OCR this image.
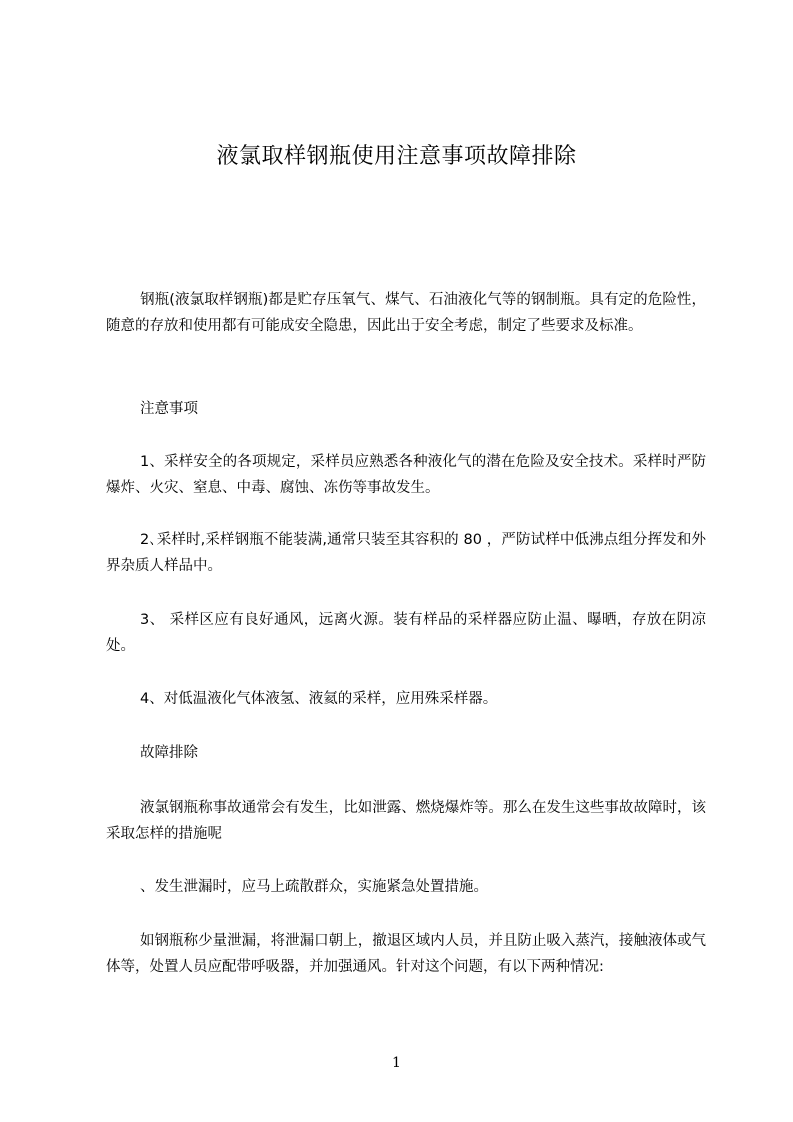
液氯取样钢瓶使用注意事项故障排除

钢瓶(液氯取样钢瓶)都是贮存压氧气、煤气、石油液化气等的钢制瓶。具有定的危险性，随意的存放和使用都有可能成安全隐患，因此出于安全考虑，制定了些要求及标准。

注意事项

1、采样安全的各项规定，采样员应熟悉各种液化气的潜在危险及安全技术。采样时严防爆炸、火灾、窒息、中毒、腐蚀、冻伤等事故发生。

2､采样时,采样钢瓶不能装满,通常只装至其容积的 80 ，严防试样中低沸点组分挥发和外界杂质人样品中。

3、 采样区应有良好通风，远离火源。装有样品的采样器应防止温、曝晒，存放在阴凉处。

4、对低温液化气体液氢、液氦的采样，应用殊采样器。

故障排除

液氯钢瓶称事故通常会有发生，比如泄露、燃烧爆炸等。那么在发生这些事故故障时，该采取怎样的措施呢

、发生泄漏时，应马上疏散群众，实施紧急处置措施。

如钢瓶称少量泄漏，将泄漏口朝上，撤退区域内人员，并且防止吸入蒸汽，接触液体或气体等，处置人员应配带呼吸器，并加强通风。针对这个问题，有以下两种情况:

1
